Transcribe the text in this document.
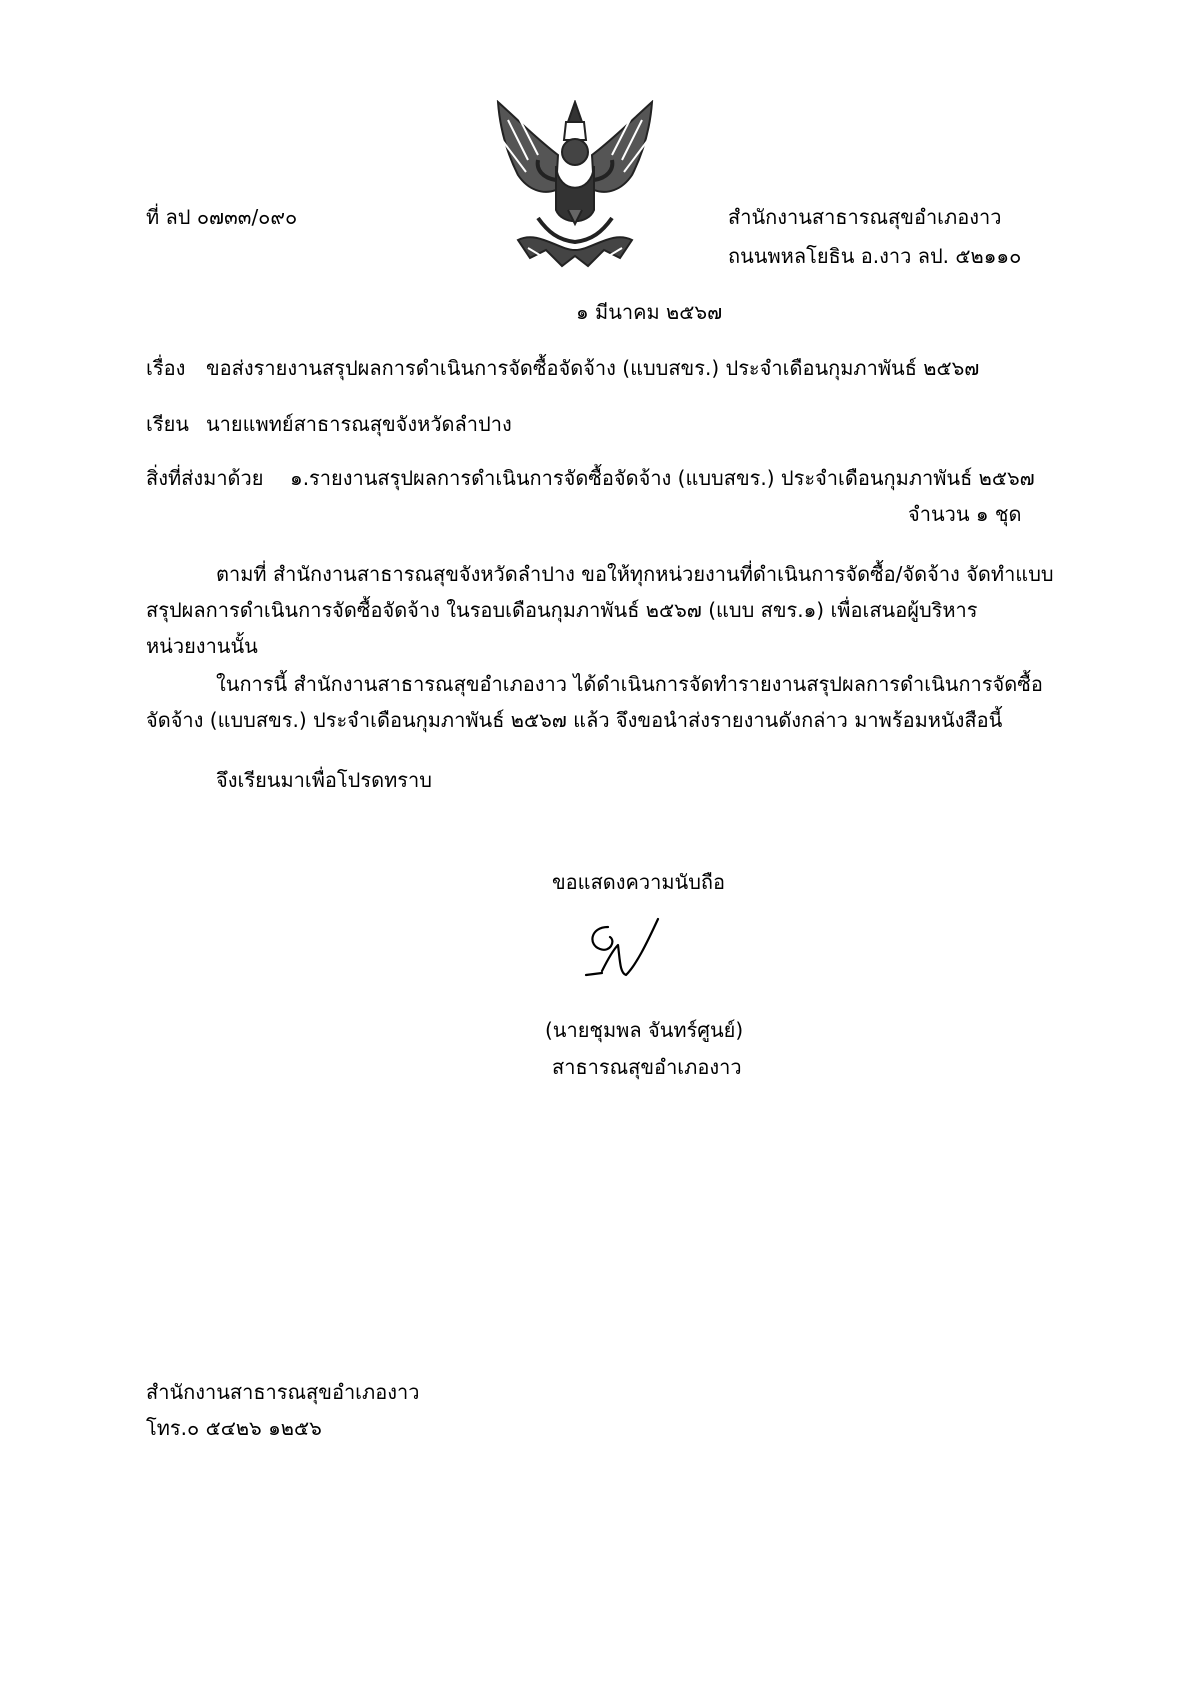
ที่ ลป ๐๗๓๓/๐๙๐	สำนักงานสาธารณสุขอำเภองาว
ถนนพหลโยธิน อ.งาว ลป. ๕๒๑๑๐
๑ มีนาคม ๒๕๖๗
เรื่อง ขอส่งรายงานสรุปผลการดำเนินการจัดซื้อจัดจ้าง (แบบสขร.) ประจำเดือนกุมภาพันธ์ ๒๕๖๗
เรียน นายแพทย์สาธารณสุขจังหวัดลำปาง
สิ่งที่ส่งมาด้วย ๑.รายงานสรุปผลการดำเนินการจัดซื้อจัดจ้าง (แบบสขร.) ประจำเดือนกุมภาพันธ์ ๒๕๖๗
จำนวน ๑ ชุด
ตามที่ สำนักงานสาธารณสุขจังหวัดลำปาง ขอให้ทุกหน่วยงานที่ดำเนินการจัดซื้อ/จัดจ้าง จัดทำแบบ
สรุปผลการดำเนินการจัดซื้อจัดจ้าง ในรอบเดือนกุมภาพันธ์ ๒๕๖๗ (แบบ สขร.๑) เพื่อเสนอผู้บริหาร
หน่วยงานนั้น
ในการนี้ สำนักงานสาธารณสุขอำเภองาว ได้ดำเนินการจัดทำรายงานสรุปผลการดำเนินการจัดซื้อ
จัดจ้าง (แบบสขร.) ประจำเดือนกุมภาพันธ์ ๒๕๖๗ แล้ว จึงขอนำส่งรายงานดังกล่าว มาพร้อมหนังสือนี้
จึงเรียนมาเพื่อโปรดทราบ
ขอแสดงความนับถือ
(นายชุมพล จันทร์ศูนย์)
สาธารณสุขอำเภองาว
สำนักงานสาธารณสุขอำเภองาว
โทร.๐ ๕๔๒๖ ๑๒๕๖
